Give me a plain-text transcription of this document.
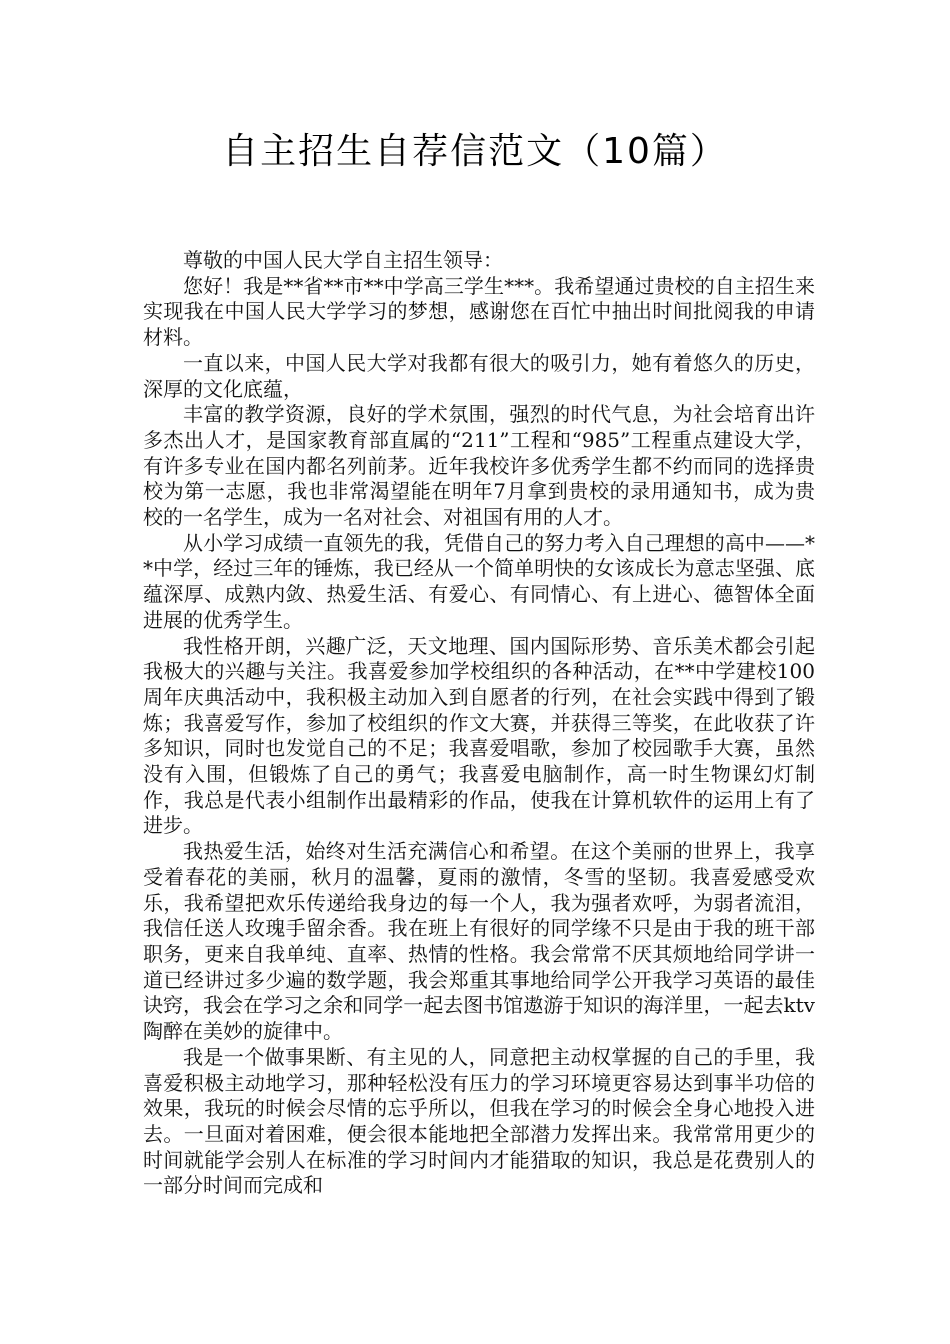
自主招生自荐信范文（10篇）

尊敬的中国人民大学自主招生领导：

您好！我是**省**市**中学高三学生***。我希望通过贵校的自主招生来实现我在中国人民大学学习的梦想，感谢您在百忙中抽出时间批阅我的申请材料。

一直以来，中国人民大学对我都有很大的吸引力，她有着悠久的历史，深厚的文化底蕴，

丰富的教学资源，良好的学术氛围，强烈的时代气息，为社会培育出许多杰出人才，是国家教育部直属的“211”工程和“985”工程重点建设大学，有许多专业在国内都名列前茅。近年我校许多优秀学生都不约而同的选择贵校为第一志愿，我也非常渴望能在明年7月拿到贵校的录用通知书，成为贵校的一名学生，成为一名对社会、对祖国有用的人才。

从小学习成绩一直领先的我，凭借自己的努力考入自己理想的高中——**中学，经过三年的锤炼，我已经从一个简单明快的女该成长为意志坚强、底蕴深厚、成熟内敛、热爱生活、有爱心、有同情心、有上进心、德智体全面进展的优秀学生。

我性格开朗，兴趣广泛，天文地理、国内国际形势、音乐美术都会引起我极大的兴趣与关注。我喜爱参加学校组织的各种活动，在**中学建校100周年庆典活动中，我积极主动加入到自愿者的行列，在社会实践中得到了锻炼；我喜爱写作，参加了校组织的作文大赛，并获得三等奖，在此收获了许多知识，同时也发觉自己的不足；我喜爱唱歌，参加了校园歌手大赛，虽然没有入围，但锻炼了自己的勇气；我喜爱电脑制作，高一时生物课幻灯制作，我总是代表小组制作出最精彩的作品，使我在计算机软件的运用上有了进步。

我热爱生活，始终对生活充满信心和希望。在这个美丽的世界上，我享受着春花的美丽，秋月的温馨，夏雨的激情，冬雪的坚韧。我喜爱感受欢乐，我希望把欢乐传递给我身边的每一个人，我为强者欢呼，为弱者流泪，我信任送人玫瑰手留余香。我在班上有很好的同学缘不只是由于我的班干部职务，更来自我单纯、直率、热情的性格。我会常常不厌其烦地给同学讲一道已经讲过多少遍的数学题，我会郑重其事地给同学公开我学习英语的最佳诀窍，我会在学习之余和同学一起去图书馆遨游于知识的海洋里，一起去ktv陶醉在美妙的旋律中。

我是一个做事果断、有主见的人，同意把主动权掌握的自己的手里，我喜爱积极主动地学习，那种轻松没有压力的学习环境更容易达到事半功倍的效果，我玩的时候会尽情的忘乎所以，但我在学习的时候会全身心地投入进去。一旦面对着困难，便会很本能地把全部潜力发挥出来。我常常用更少的时间就能学会别人在标准的学习时间内才能猎取的知识，我总是花费别人的一部分时间而完成和
